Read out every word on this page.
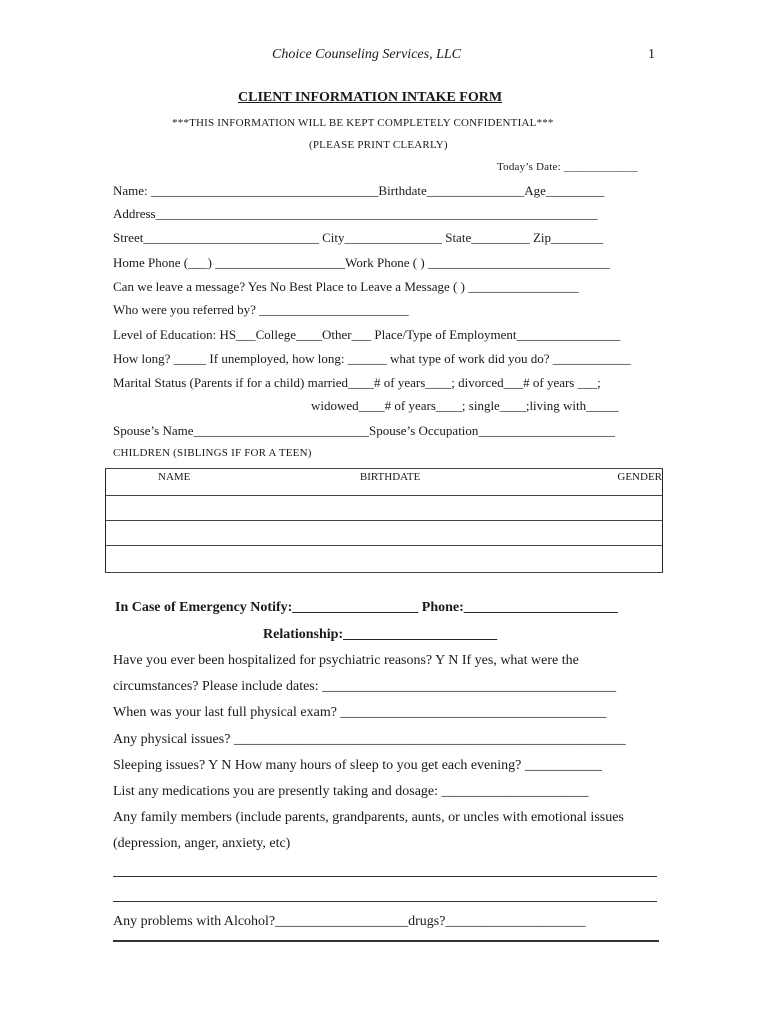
Choice Counseling Services, LLC	1
CLIENT INFORMATION INTAKE FORM
***THIS INFORMATION WILL BE KEPT COMPLETELY CONFIDENTIAL***
(PLEASE PRINT CLEARLY)
Today’s Date: _____________
Name: ___________________________________Birthdate_______________Age_________
Address____________________________________________________________________
Street___________________________ City_______________ State_________ Zip________
Home Phone (___) ____________________Work Phone ( ) ____________________________
Can we leave a message? Yes No Best Place to Leave a Message ( ) _________________
Who were you referred by? _______________________
Level of Education: HS___College____Other___ Place/Type of Employment________________
How long? _____ If unemployed, how long: ______ what type of work did you do? ____________
Marital Status (Parents if for a child) married____# of years____; divorced___# of years ___;
widowed____# of years____; single____;living with_____
Spouse’s Name___________________________Spouse’s Occupation_____________________
CHILDREN (SIBLINGS IF FOR A TEEN)
NAME	BIRTHDATE	GENDER

In Case of Emergency Notify:__________________ Phone:______________________
Relationship:______________________
Have you ever been hospitalized for psychiatric reasons? Y N If yes, what were the
circumstances? Please include dates: __________________________________________
When was your last full physical exam? ______________________________________
Any physical issues? ________________________________________________________
Sleeping issues? Y N How many hours of sleep to you get each evening? ___________
List any medications you are presently taking and dosage: _____________________
Any family members (include parents, grandparents, aunts, or uncles with emotional issues
(depression, anger, anxiety, etc)
Any problems with Alcohol?___________________drugs?____________________
